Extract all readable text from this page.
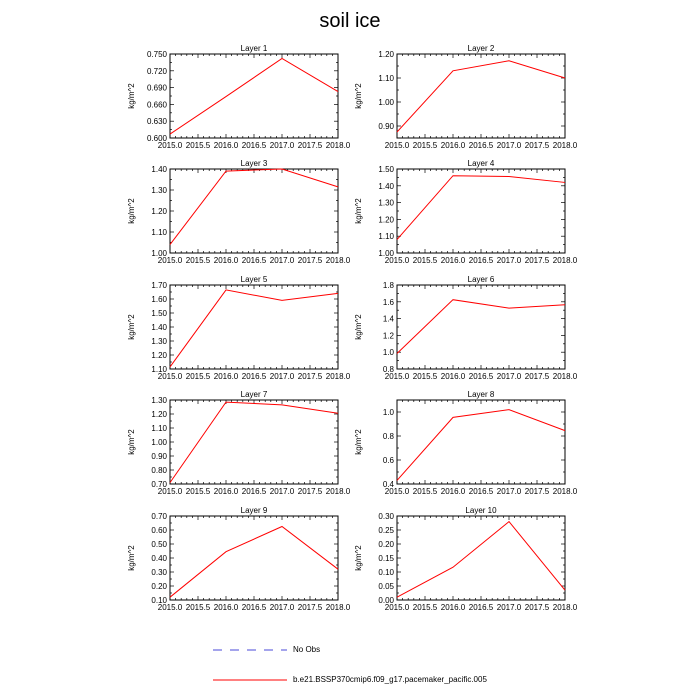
soil ice
2015.0 2015.5 2016.0 2016.5 2017.0 2017.5 2018.0
0.600
0.630
0.660
0.690
0.720
0.750
Layer 1
kg/m^2
2015.0 2015.5 2016.0 2016.5 2017.0 2017.5 2018.0
0.90
1.00
1.10
1.20
Layer 2
kg/m^2
2015.0 2015.5 2016.0 2016.5 2017.0 2017.5 2018.0
1.00
1.10
1.20
1.30
1.40
Layer 3
kg/m^2
2015.0 2015.5 2016.0 2016.5 2017.0 2017.5 2018.0
1.00
1.10
1.20
1.30
1.40
1.50
Layer 4
kg/m^2
2015.0 2015.5 2016.0 2016.5 2017.0 2017.5 2018.0
1.10
1.20
1.30
1.40
1.50
1.60
1.70
Layer 5
kg/m^2
2015.0 2015.5 2016.0 2016.5 2017.0 2017.5 2018.0
0.8
1.0
1.2
1.4
1.6
1.8
Layer 6
kg/m^2
2015.0 2015.5 2016.0 2016.5 2017.0 2017.5 2018.0
0.70
0.80
0.90
1.00
1.10
1.20
1.30
Layer 7
kg/m^2
2015.0 2015.5 2016.0 2016.5 2017.0 2017.5 2018.0
0.4
0.6
0.8
1.0
Layer 8
kg/m^2
2015.0 2015.5 2016.0 2016.5 2017.0 2017.5 2018.0
0.10
0.20
0.30
0.40
0.50
0.60
0.70
Layer 9
kg/m^2
2015.0 2015.5 2016.0 2016.5 2017.0 2017.5 2018.0
0.00
0.05
0.10
0.15
0.20
0.25
0.30
Layer 10
kg/m^2
No Obs
b.e21.BSSP370cmip6.f09_g17.pacemaker_pacific.005
